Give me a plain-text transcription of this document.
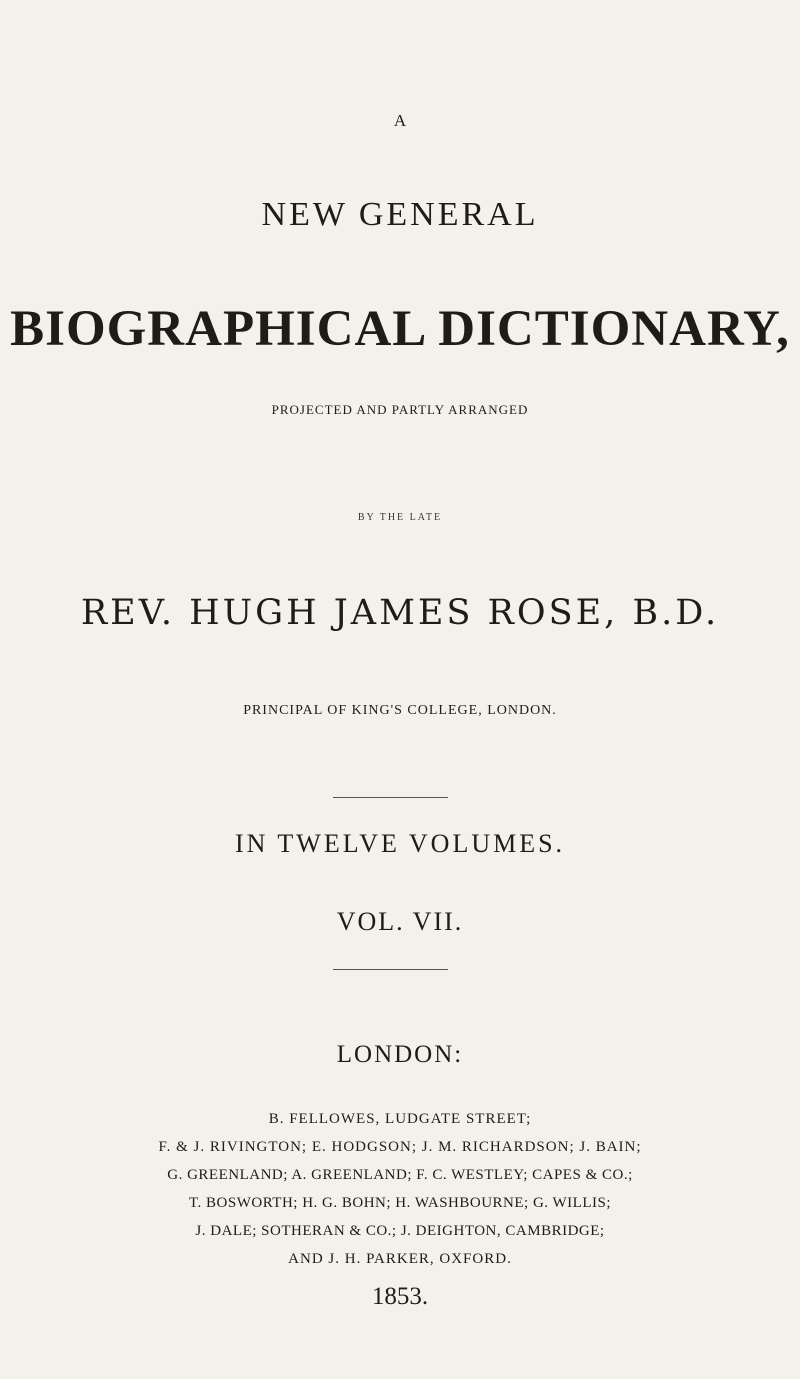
A
NEW GENERAL
BIOGRAPHICAL DICTIONARY,
PROJECTED AND PARTLY ARRANGED
BY THE LATE
REV. HUGH JAMES ROSE, B.D.
PRINCIPAL OF KING'S COLLEGE, LONDON.
IN TWELVE VOLUMES.
VOL. VII.
LONDON:
B. FELLOWES, LUDGATE STREET;
F. & J. RIVINGTON; E. HODGSON; J. M. RICHARDSON; J. BAIN;
G. GREENLAND; A. GREENLAND; F. C. WESTLEY; CAPES & CO.;
T. BOSWORTH; H. G. BOHN; H. WASHBOURNE; G. WILLIS;
J. DALE; SOTHERAN & CO.; J. DEIGHTON, CAMBRIDGE;
AND J. H. PARKER, OXFORD.
1853.
